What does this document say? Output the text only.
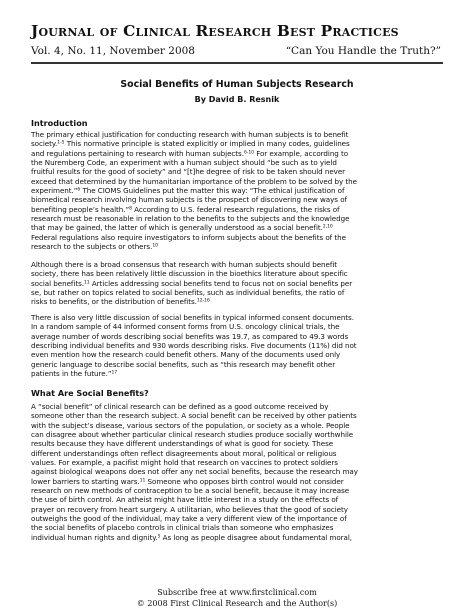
Journal of Clinical Research Best Practices
Vol. 4, No. 11, November 2008	“Can You Handle the Truth?”
Social Benefits of Human Subjects Research
By David B. Resnik
Introduction
The primary ethical justification for conducting research with human subjects is to benefit
society.$^{1-5}$ This normative principle is stated explicitly or implied in many codes, guidelines
and regulations pertaining to research with human subjects.$^{6-10}$ For example, according to
the Nuremberg Code, an experiment with a human subject should “be such as to yield
fruitful results for the good of society” and “[t]he degree of risk to be taken should never
exceed that determined by the humanitarian importance of the problem to be solved by the
experiment.”$^6$ The CIOMS Guidelines put the matter this way: “The ethical justification of
biomedical research involving human subjects is the prospect of discovering new ways of
benefiting people’s health.”$^8$ According to U.S. federal research regulations, the risks of
research must be reasonable in relation to the benefits to the subjects and the knowledge
that may be gained, the latter of which is generally understood as a social benefit.$^{2,10}$
Federal regulations also require investigators to inform subjects about the benefits of the
research to the subjects or others.$^{10}$
Although there is a broad consensus that research with human subjects should benefit
society, there has been relatively little discussion in the bioethics literature about specific
social benefits.$^{11}$ Articles addressing social benefits tend to focus not on social benefits per
se, but rather on topics related to social benefits, such as individual benefits, the ratio of
risks to benefits, or the distribution of benefits.$^{12-16}$
There is also very little discussion of social benefits in typical informed consent documents.
In a random sample of 44 informed consent forms from U.S. oncology clinical trials, the
average number of words describing social benefits was 19.7, as compared to 49.3 words
describing individual benefits and 930 words describing risks. Five documents (11%) did not
even mention how the research could benefit others. Many of the documents used only
generic language to describe social benefits, such as “this research may benefit other
patients in the future.”$^{17}$
What Are Social Benefits?
A “social benefit” of clinical research can be defined as a good outcome received by
someone other than the research subject. A social benefit can be received by other patients
with the subject’s disease, various sectors of the population, or society as a whole. People
can disagree about whether particular clinical research studies produce socially worthwhile
results because they have different understandings of what is good for society. These
different understandings often reflect disagreements about moral, political or religious
values. For example, a pacifist might hold that research on vaccines to protect soldiers
against biological weapons does not offer any net social benefits, because the research may
lower barriers to starting wars.$^{11}$ Someone who opposes birth control would not consider
research on new methods of contraception to be a social benefit, because it may increase
the use of birth control. An atheist might have little interest in a study on the effects of
prayer on recovery from heart surgery. A utilitarian, who believes that the good of society
outweighs the good of the individual, may take a very different view of the importance of
the social benefits of placebo controls in clinical trials than someone who emphasizes
individual human rights and dignity.$^5$ As long as people disagree about fundamental moral,
Subscribe free at www.firstclinical.com
© 2008 First Clinical Research and the Author(s)
